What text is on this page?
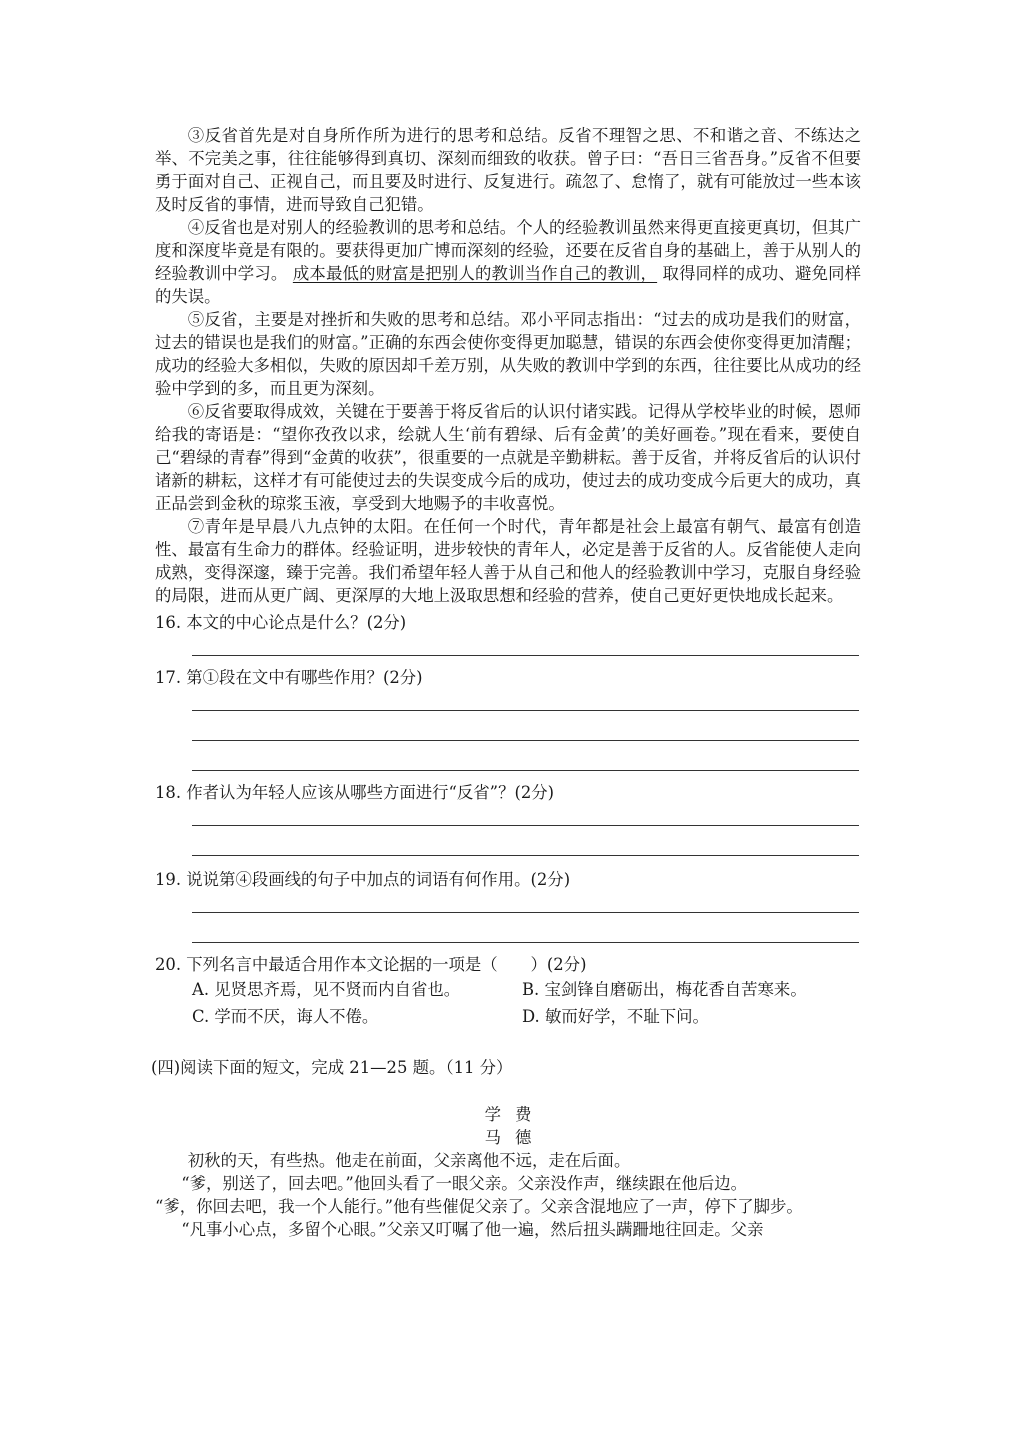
③反省首先是对自身所作所为进行的思考和总结。反省不理智之思、不和谐之音、不练达之举、不完美之事，往往能够得到真切、深刻而细致的收获。曾子曰：“吾日三省吾身。”反省不但要勇于面对自己、正视自己，而且要及时进行、反复进行。疏忽了、怠惰了，就有可能放过一些本该及时反省的事情，进而导致自己犯错。

④反省也是对别人的经验教训的思考和总结。个人的经验教训虽然来得更直接更真切，但其广度和深度毕竟是有限的。要获得更加广博而深刻的经验，还要在反省自身的基础上，善于从别人的经验教训中学习。 成本最低的财富是把别人的教训当作自己的教训， 取得同样的成功、避免同样的失误。

⑤反省，主要是对挫折和失败的思考和总结。邓小平同志指出：“过去的成功是我们的财富，过去的错误也是我们的财富。”正确的东西会使你变得更加聪慧，错误的东西会使你变得更加清醒；成功的经验大多相似，失败的原因却千差万别，从失败的教训中学到的东西，往往要比从成功的经验中学到的多，而且更为深刻。

⑥反省要取得成效，关键在于要善于将反省后的认识付诸实践。记得从学校毕业的时候，恩师给我的寄语是：“望你孜孜以求，绘就人生‘前有碧绿、后有金黄’的美好画卷。”现在看来，要使自己“碧绿的青春”得到“金黄的收获”，很重要的一点就是辛勤耕耘。善于反省，并将反省后的认识付诸新的耕耘，这样才有可能使过去的失误变成今后的成功，使过去的成功变成今后更大的成功，真正品尝到金秋的琼浆玉液，享受到大地赐予的丰收喜悦。

⑦青年是早晨八九点钟的太阳。在任何一个时代，青年都是社会上最富有朝气、最富有创造性、最富有生命力的群体。经验证明，进步较快的青年人，必定是善于反省的人。反省能使人走向成熟，变得深邃，臻于完善。我们希望年轻人善于从自己和他人的经验教训中学习，克服自身经验的局限，进而从更广阔、更深厚的大地上汲取思想和经验的营养，使自己更好更快地成长起来。

16. 本文的中心论点是什么？(2分)

17. 第①段在文中有哪些作用？(2分)

18. 作者认为年轻人应该从哪些方面进行“反省”？(2分)

19. 说说第④段画线的句子中加点的词语有何作用。(2分)

20. 下列名言中最适合用作本文论据的一项是（　　）(2分)

A. 见贤思齐焉，见不贤而内自省也。	B. 宝剑锋自磨砺出，梅花香自苦寒来。
C. 学而不厌，诲人不倦。	D. 敏而好学，不耻下问。

(四)阅读下面的短文，完成 21—25 题。（11 分）

学费
马德

初秋的天，有些热。他走在前面，父亲离他不远，走在后面。

“爹，别送了，回去吧。”他回头看了一眼父亲。父亲没作声，继续跟在他后边。

“爹，你回去吧，我一个人能行。”他有些催促父亲了。父亲含混地应了一声，停下了脚步。

“凡事小心点，多留个心眼。”父亲又叮嘱了他一遍，然后扭头蹒跚地往回走。父亲
